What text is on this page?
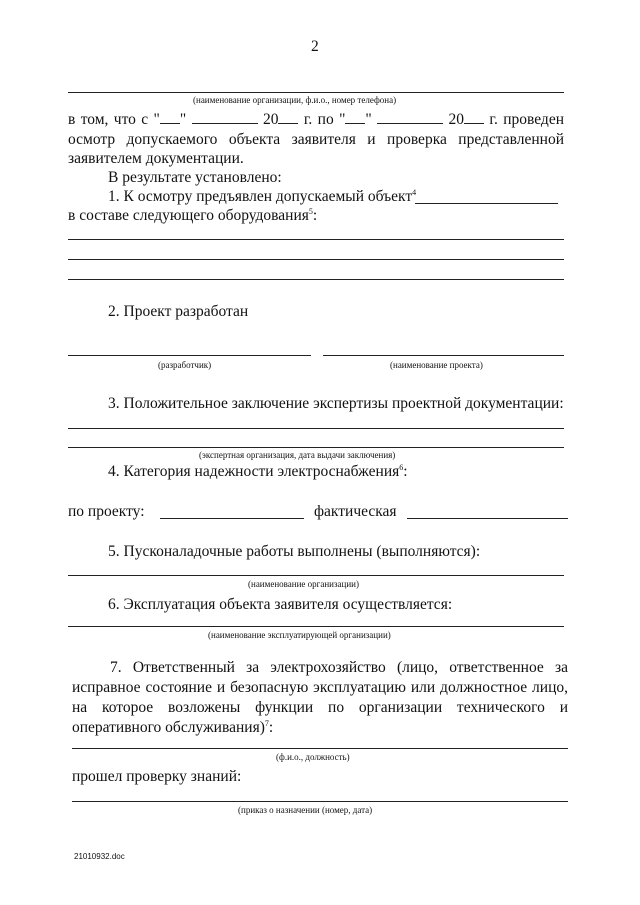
2
(наименование организации, ф.и.о., номер телефона)
в том, что с " "	20 г. по " "	20 г. проведен
осмотр допускаемого объекта заявителя и проверка представленной
заявителем документации.
В результате установлено:
1. К осмотру предъявлен допускаемый объект$^4$
в составе следующего оборудования$^5$:
2. Проект разработан
(разработчик)	(наименование проекта)
3. Положительное заключение экспертизы проектной документации:
(экспертная организация, дата выдачи заключения)
4. Категория надежности электроснабжения$^6$:
по проекту:	фактическая
5. Пусконаладочные работы выполнены (выполняются):
(наименование организации)
6. Эксплуатация объекта заявителя осуществляется:
(наименование эксплуатирующей организации)
7. Ответственный за электрохозяйство (лицо, ответственное за
исправное состояние и безопасную эксплуатацию или должностное лицо,
на которое возложены функции по организации технического и
оперативного обслуживания)$^7$:
(ф.и.о., должность)
прошел проверку знаний:
(приказ о назначении (номер, дата)
21010932.doc
